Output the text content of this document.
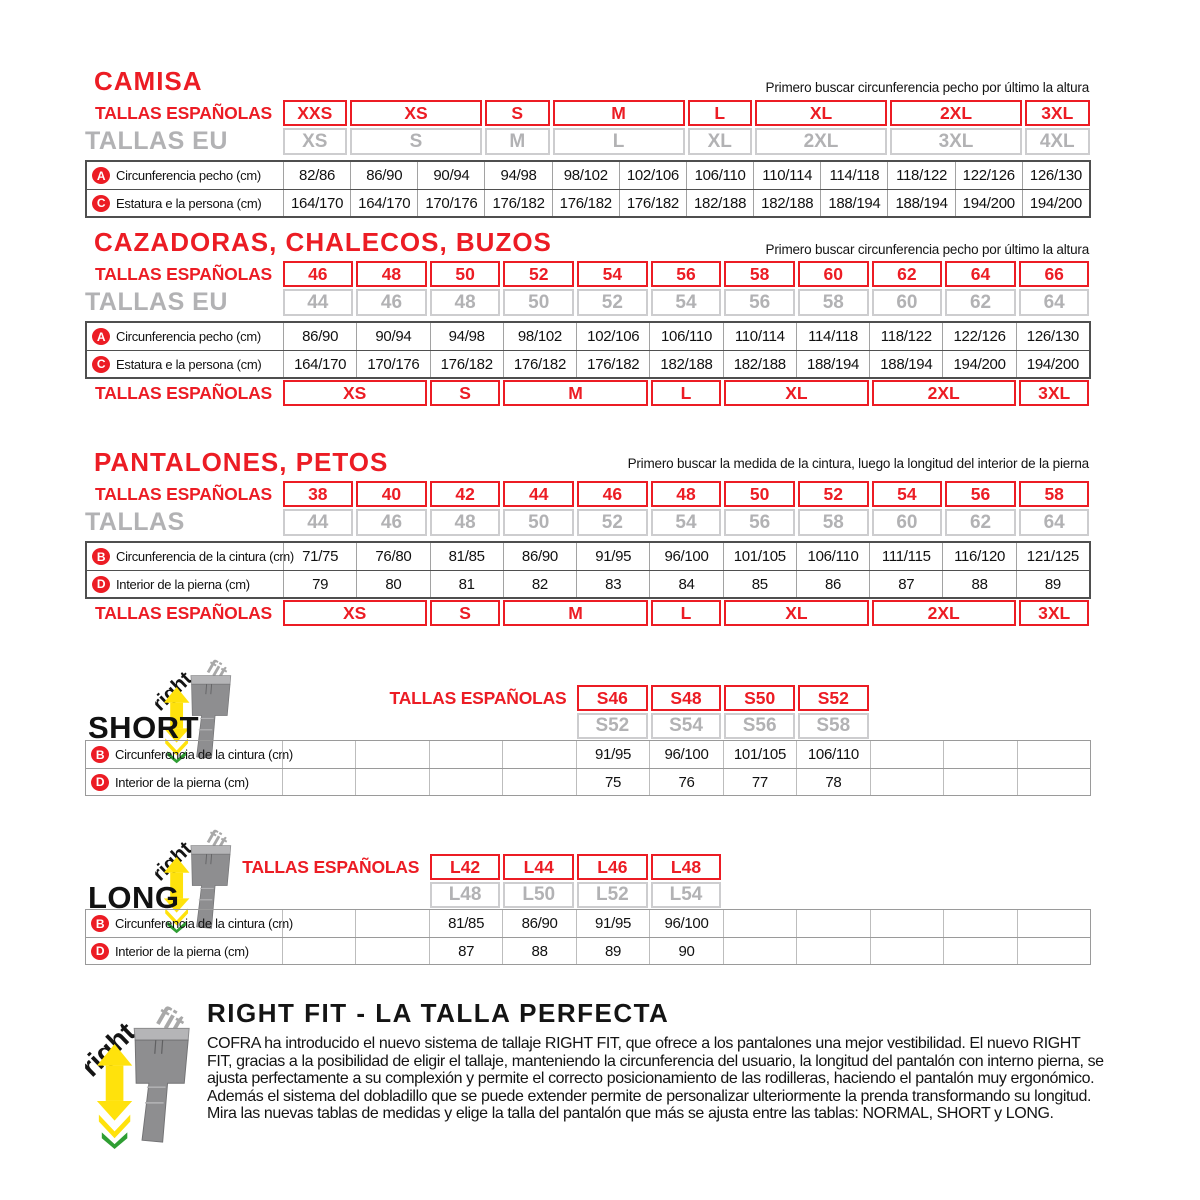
CAMISA	Primero buscar circunferencia pecho por último la altura
TALLAS ESPAÑOLAS	XXS	XS	S	M	L	XL	2XL	3XL
TALLAS EU	XS	S	M	L	XL	2XL	3XL	4XL
A Circunferencia pecho (cm)	82/86	86/90	90/94	94/98	98/102	102/106	106/110	110/114	114/118	118/122	122/126	126/130
C Estatura e la persona (cm)	164/170	164/170	170/176	176/182	176/182	176/182	182/188	182/188	188/194	188/194	194/200	194/200
CAZADORAS, CHALECOS, BUZOS	Primero buscar circunferencia pecho por último la altura
TALLAS ESPAÑOLAS	46	48	50	52	54	56	58	60	62	64	66
TALLAS EU	44	46	48	50	52	54	56	58	60	62	64
A Circunferencia pecho (cm)	86/90	90/94	94/98	98/102	102/106	106/110	110/114	114/118	118/122	122/126	126/130
C Estatura e la persona (cm)	164/170	170/176	176/182	176/182	176/182	182/188	182/188	188/194	188/194	194/200	194/200
TALLAS ESPAÑOLAS	XS	S	M	L	XL	2XL	3XL
PANTALONES, PETOS	Primero buscar la medida de la cintura, luego la longitud del interior de la pierna
TALLAS ESPAÑOLAS	38	40	42	44	46	48	50	52	54	56	58
TALLAS	44	46	48	50	52	54	56	58	60	62	64
B Circunferencia de la cintura (cm) 71/75	76/80	81/85	86/90	91/95	96/100	101/105	106/110	111/115	116/120	121/125
D Interior de la pierna (cm)	79	80	81	82	83	84	85	86	87	88	89
TALLAS ESPAÑOLAS	XS	S	M	L	XL	2XL	3XL
SHORT
TALLAS ESPAÑOLAS	S46	S48	S50	S52
S52	S54	S56	S58
B Circunferencia de la cintura (cm)	91/95	96/100	101/105	106/110
D Interior de la pierna (cm)	75	76	77	78
LONG
TALLAS ESPAÑOLAS	L42	L44	L46	L48
L48	L50	L52	L54
B Circunferencia de la cintura (cm)	81/85	86/90	91/95	96/100
D Interior de la pierna (cm)	87	88	89	90
RIGHT FIT - LA TALLA PERFECTA
COFRA ha introducido el nuevo sistema de tallaje RIGHT FIT, que ofrece a los pantalones una mejor vestibilidad. El nuevo RIGHT FIT, gracias a la posibilidad de eligir el tallaje, manteniendo la circunferencia del usuario, la longitud del pantalón con interno pierna, se ajusta perfectamente a su complexión y permite el correcto posicionamiento de las rodilleras, haciendo el pantalón muy ergonómico. Además el sistema del dobladillo que se puede extender permite de personalizar ulteriormente la prenda transformando su longitud. Mira las nuevas tablas de medidas y elige la talla del pantalón que más se ajusta entre las tablas: NORMAL, SHORT y LONG.
